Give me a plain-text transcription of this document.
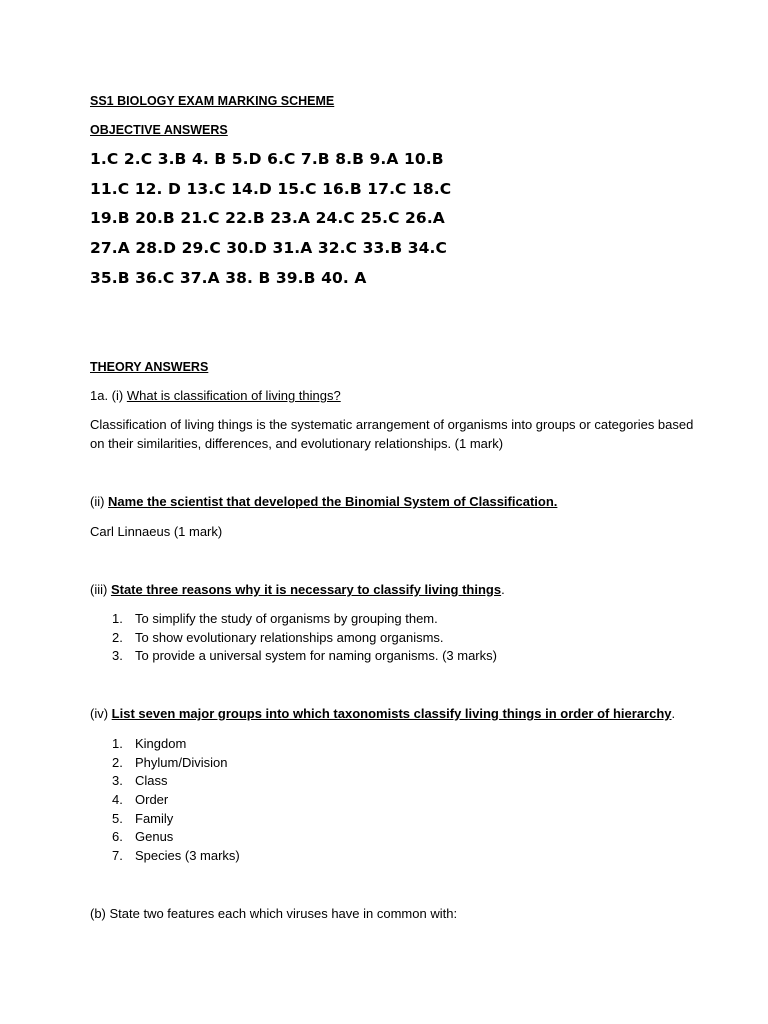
SS1 BIOLOGY EXAM MARKING SCHEME
OBJECTIVE ANSWERS
1.C 2.C 3.B 4. B 5.D 6.C 7.B 8.B 9.A 10.B
11.C 12. D 13.C 14.D 15.C 16.B 17.C 18.C
19.B 20.B 21.C 22.B 23.A 24.C 25.C 26.A
27.A 28.D 29.C 30.D 31.A 32.C 33.B 34.C
35.B 36.C 37.A 38. B 39.B 40. A
THEORY ANSWERS
1a. (i) What is classification of living things?
Classification of living things is the systematic arrangement of organisms into groups or categories based
on their similarities, differences, and evolutionary relationships. (1 mark)
(ii) Name the scientist that developed the Binomial System of Classification.
Carl Linnaeus (1 mark)
(iii) State three reasons why it is necessary to classify living things.
1. To simplify the study of organisms by grouping them.
2. To show evolutionary relationships among organisms.
3. To provide a universal system for naming organisms. (3 marks)
(iv) List seven major groups into which taxonomists classify living things in order of hierarchy.
1. Kingdom
2. Phylum/Division
3. Class
4. Order
5. Family
6. Genus
7. Species (3 marks)
(b) State two features each which viruses have in common with:
